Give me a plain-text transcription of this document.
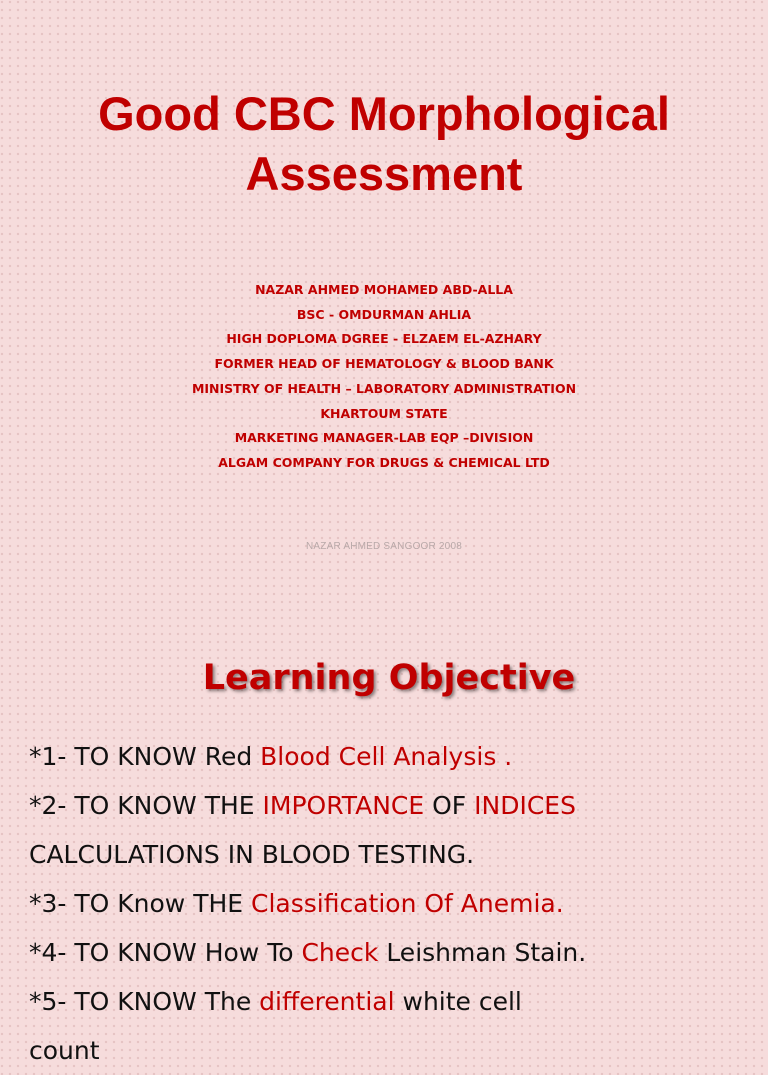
Good CBC Morphological
Assessment
NAZAR AHMED MOHAMED ABD-ALLA
BSC - OMDURMAN AHLIA
HIGH DOPLOMA DGREE - ELZAEM EL-AZHARY
FORMER HEAD OF HEMATOLOGY & BLOOD BANK
MINISTRY OF HEALTH – LABORATORY ADMINISTRATION
KHARTOUM STATE
MARKETING MANAGER-LAB EQP –DIVISION
ALGAM COMPANY FOR DRUGS & CHEMICAL LTD
NAZAR AHMED SANGOOR 2008
Learning Objective
*1- TO KNOW Red Blood Cell Analysis .
*2- TO KNOW THE IMPORTANCE OF INDICES
CALCULATIONS IN BLOOD TESTING.
*3- TO Know THE Classification Of Anemia.
*4- TO KNOW How To Check Leishman Stain.
*5- TO KNOW The differential white cell
count
